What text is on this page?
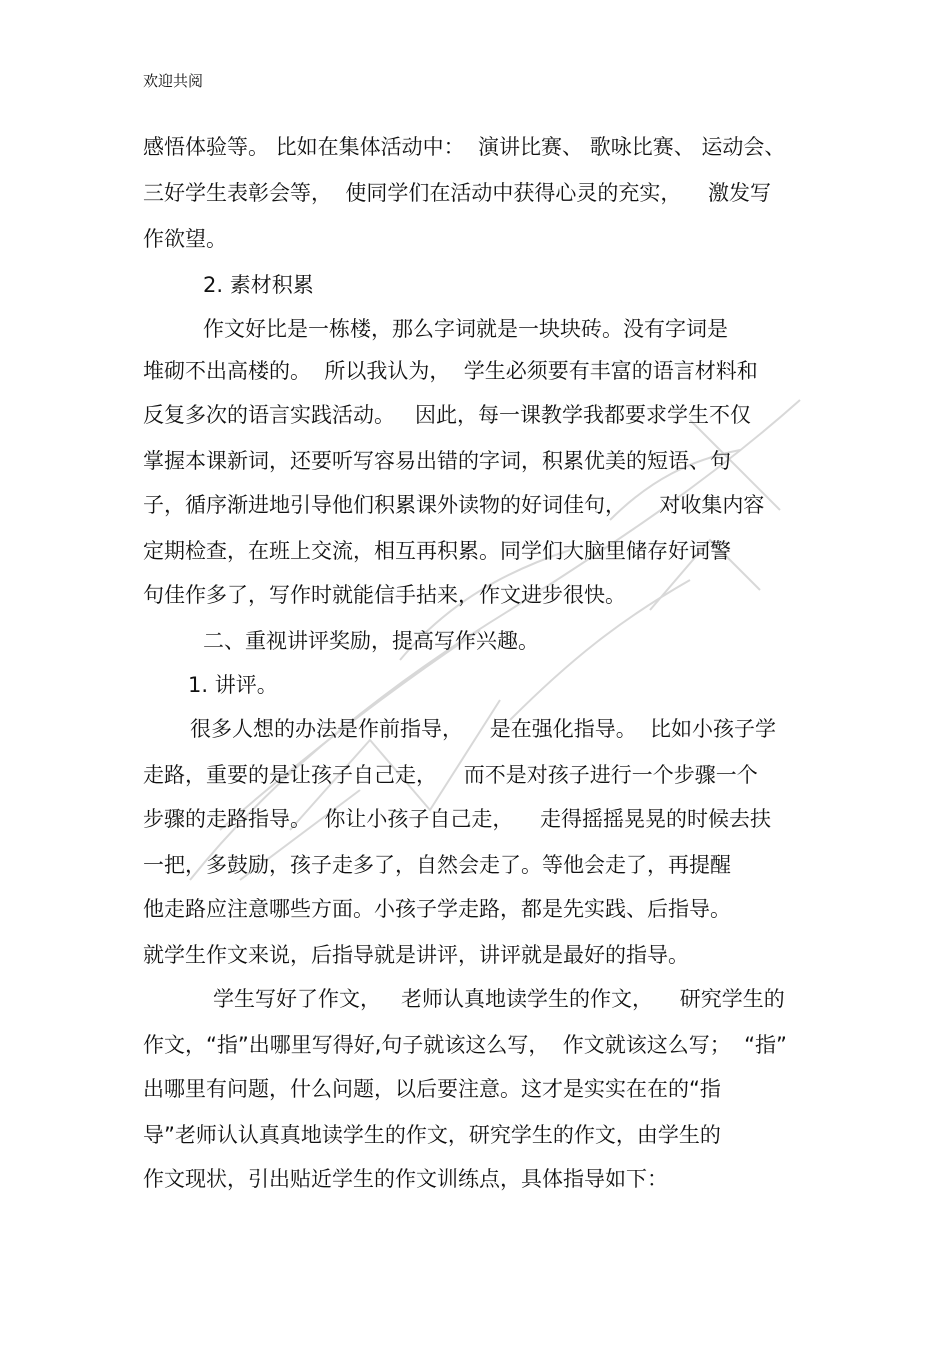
欢迎共阅
感悟体验等。 比如在集体活动中：  演讲比赛、 歌咏比赛、 运动会、
三好学生表彰会等，  使同学们在活动中获得心灵的充实，    激发写
作欲望。
2. 素材积累
作文好比是一栋楼，那么字词就是一块块砖。没有字词是
堆砌不出高楼的。  所以我认为，  学生必须要有丰富的语言材料和
反复多次的语言实践活动。   因此，每一课教学我都要求学生不仅
掌握本课新词，还要听写容易出错的字词，积累优美的短语、句
子，循序渐进地引导他们积累课外读物的好词佳句，     对收集内容
定期检查，在班上交流，相互再积累。同学们大脑里储存好词警
句佳作多了，写作时就能信手拈来，作文进步很快。
二、重视讲评奖励，提高写作兴趣。
1. 讲评。
很多人想的办法是作前指导，    是在强化指导。  比如小孩子学
走路，重要的是让孩子自己走，    而不是对孩子进行一个步骤一个
步骤的走路指导。  你让小孩子自己走，    走得摇摇晃晃的时候去扶
一把，多鼓励，孩子走多了，自然会走了。等他会走了，再提醒
他走路应注意哪些方面。小孩子学走路，都是先实践、后指导。
就学生作文来说，后指导就是讲评，讲评就是最好的指导。
学生写好了作文，   老师认真地读学生的作文，    研究学生的
作文，“指”出哪里写得好,句子就该这么写，  作文就该这么写；  “指”
出哪里有问题，什么问题，以后要注意。这才是实实在在的“指
导”老师认认真真地读学生的作文，研究学生的作文，由学生的
作文现状，引出贴近学生的作文训练点，具体指导如下：
